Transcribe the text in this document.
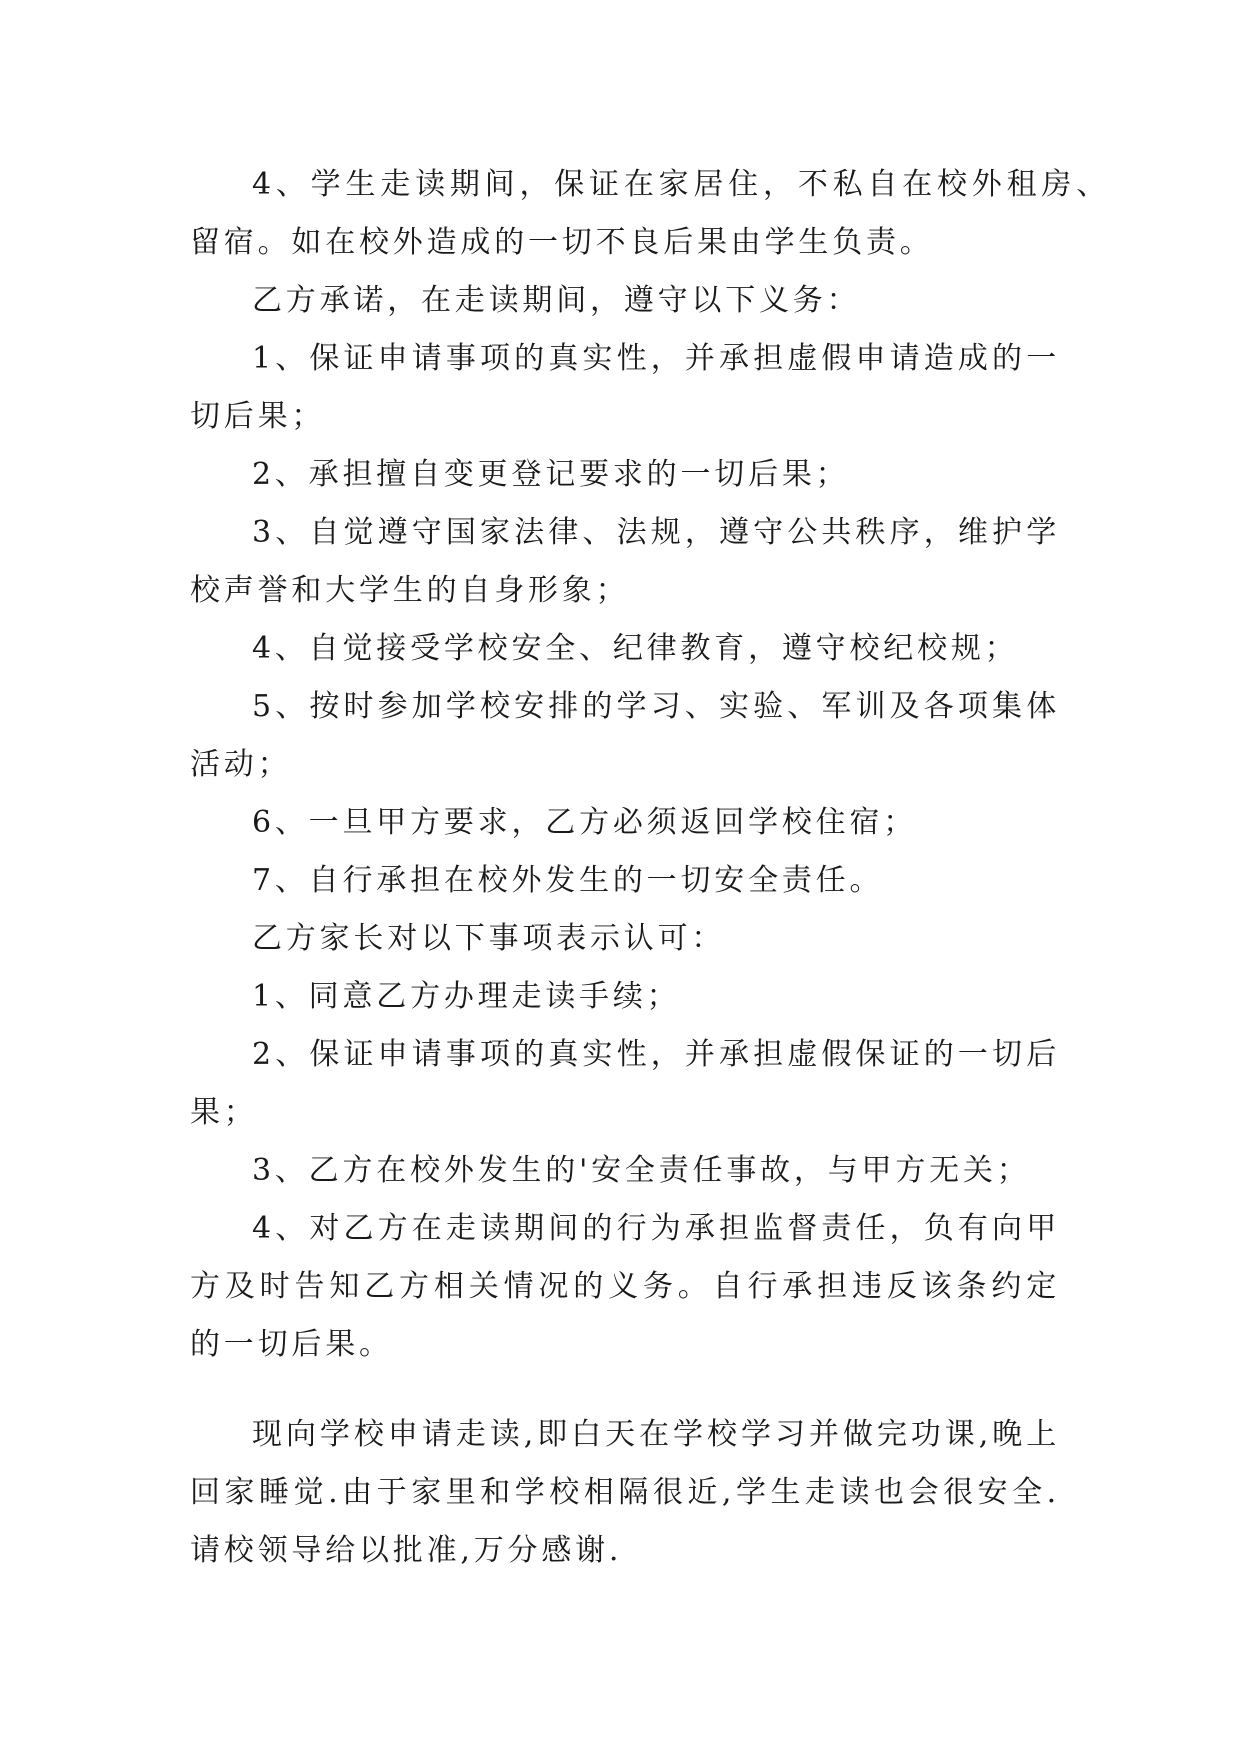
4、学生走读期间，保证在家居住，不私自在校外租房、留宿。如在校外造成的一切不良后果由学生负责。

乙方承诺，在走读期间，遵守以下义务：

1、保证申请事项的真实性，并承担虚假申请造成的一切后果；

2、承担擅自变更登记要求的一切后果；

3、自觉遵守国家法律、法规，遵守公共秩序，维护学校声誉和大学生的自身形象；

4、自觉接受学校安全、纪律教育，遵守校纪校规；

5、按时参加学校安排的学习、实验、军训及各项集体活动；

6、一旦甲方要求，乙方必须返回学校住宿；

7、自行承担在校外发生的一切安全责任。

乙方家长对以下事项表示认可：

1、同意乙方办理走读手续；

2、保证申请事项的真实性，并承担虚假保证的一切后果；

3、乙方在校外发生的'安全责任事故，与甲方无关；

4、对乙方在走读期间的行为承担监督责任，负有向甲方及时告知乙方相关情况的义务。自行承担违反该条约定的一切后果。

现向学校申请走读,即白天在学校学习并做完功课,晚上回家睡觉.由于家里和学校相隔很近,学生走读也会很安全.请校领导给以批准,万分感谢.
